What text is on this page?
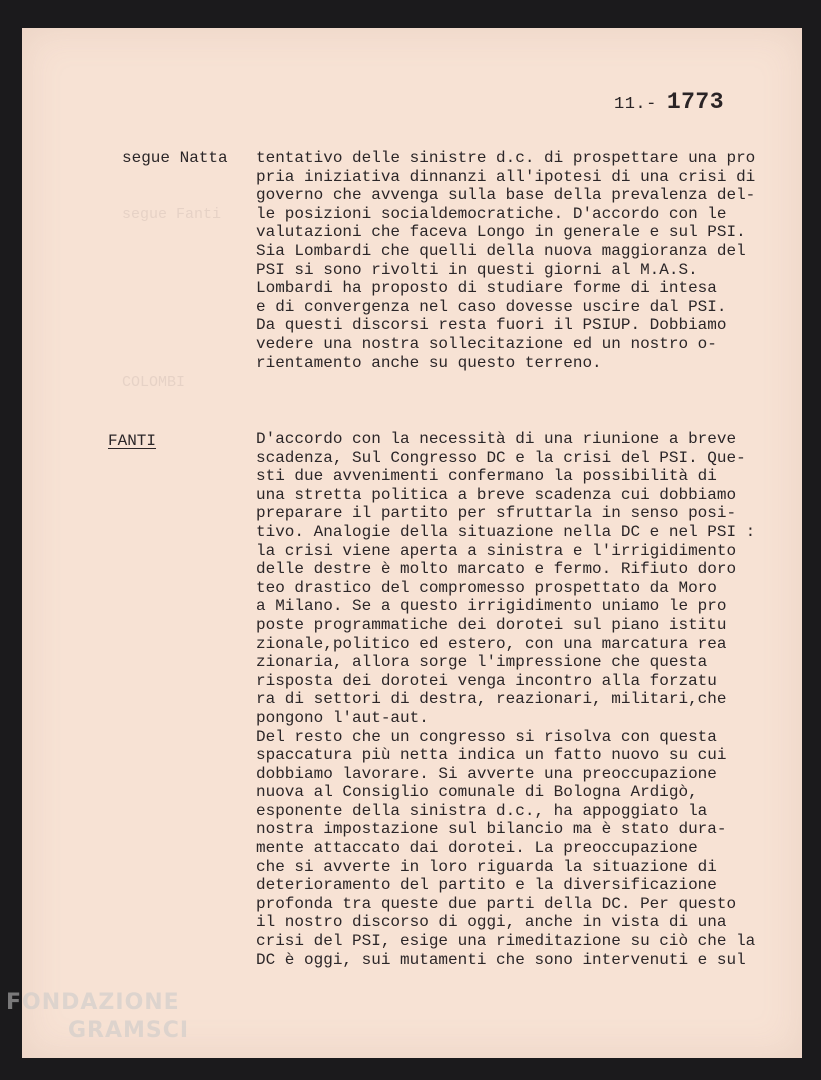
segue Fanti
COLOMBI
11.- 1773
segue Natta tentativo delle sinistre d.c. di prospettare una pro
pria iniziativa dinnanzi all'ipotesi di una crisi di
governo che avvenga sulla base della prevalenza del-
le posizioni socialdemocratiche. D'accordo con le
valutazioni che faceva Longo in generale e sul PSI.
Sia Lombardi che quelli della nuova maggioranza del
PSI si sono rivolti in questi giorni al M.A.S.
Lombardi ha proposto di studiare forme di intesa
e di convergenza nel caso dovesse uscire dal PSI.
Da questi discorsi resta fuori il PSIUP. Dobbiamo
vedere una nostra sollecitazione ed un nostro o-
rientamento anche su questo terreno.
FANTI	D'accordo con la necessità di una riunione a breve
scadenza, Sul Congresso DC e la crisi del PSI. Que-
sti due avvenimenti confermano la possibilità di
una stretta politica a breve scadenza cui dobbiamo
preparare il partito per sfruttarla in senso posi-
tivo. Analogie della situazione nella DC e nel PSI :
la crisi viene aperta a sinistra e l'irrigidimento
delle destre è molto marcato e fermo. Rifiuto doro
teo drastico del compromesso prospettato da Moro
a Milano. Se a questo irrigidimento uniamo le pro
poste programmatiche dei dorotei sul piano istitu
zionale,politico ed estero, con una marcatura rea
zionaria, allora sorge l'impressione che questa
risposta dei dorotei venga incontro alla forzatu
ra di settori di destra, reazionari, militari,che
pongono l'aut-aut.
Del resto che un congresso si risolva con questa
spaccatura più netta indica un fatto nuovo su cui
dobbiamo lavorare. Si avverte una preoccupazione
nuova al Consiglio comunale di Bologna Ardigò,
esponente della sinistra d.c., ha appoggiato la
nostra impostazione sul bilancio ma è stato dura-
mente attaccato dai dorotei. La preoccupazione
che si avverte in loro riguarda la situazione di
deterioramento del partito e la diversificazione
profonda tra queste due parti della DC. Per questo
il nostro discorso di oggi, anche in vista di una
crisi del PSI, esige una rimeditazione su ciò che la
DC è oggi, sui mutamenti che sono intervenuti e sul
FONDAZIONE
GRAMSCI
